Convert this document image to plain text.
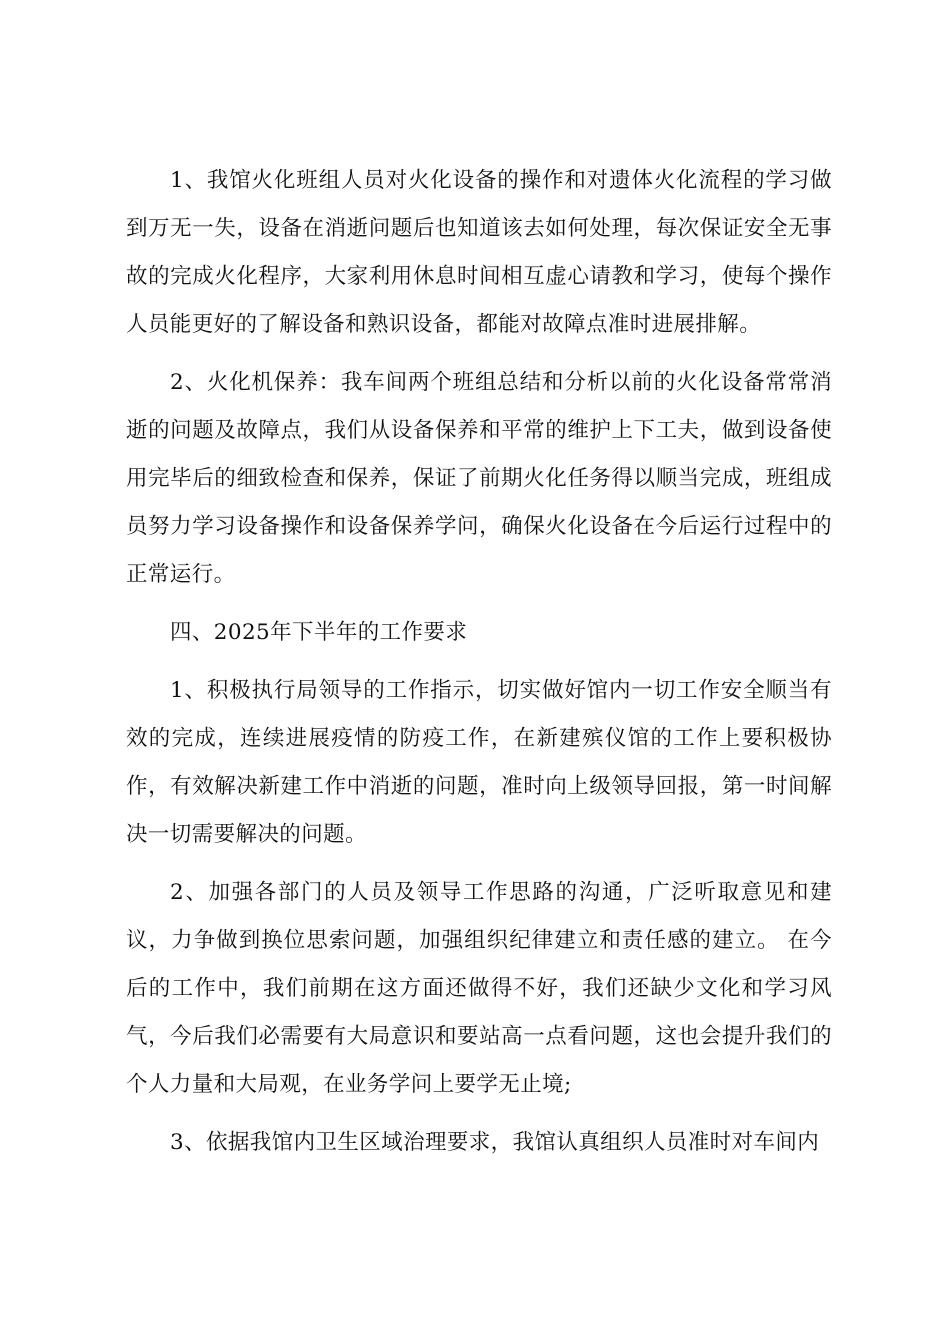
1、我馆火化班组人员对火化设备的操作和对遗体火化流程的学习做到万无一失，设备在消逝问题后也知道该去如何处理，每次保证安全无事故的完成火化程序，大家利用休息时间相互虚心请教和学习，使每个操作人员能更好的了解设备和熟识设备，都能对故障点准时进展排解。

2、火化机保养：我车间两个班组总结和分析以前的火化设备常常消逝的问题及故障点，我们从设备保养和平常的维护上下工夫，做到设备使用完毕后的细致检查和保养，保证了前期火化任务得以顺当完成，班组成员努力学习设备操作和设备保养学问，确保火化设备在今后运行过程中的正常运行。

四、2025年下半年的工作要求

1、积极执行局领导的工作指示，切实做好馆内一切工作安全顺当有效的完成，连续进展疫情的防疫工作，在新建殡仪馆的工作上要积极协作，有效解决新建工作中消逝的问题，准时向上级领导回报，第一时间解决一切需要解决的问题。

2、加强各部门的人员及领导工作思路的沟通，广泛听取意见和建议，力争做到换位思索问题，加强组织纪律建立和责任感的建立。 在今后的工作中，我们前期在这方面还做得不好，我们还缺少文化和学习风气，今后我们必需要有大局意识和要站高一点看问题，这也会提升我们的个人力量和大局观，在业务学问上要学无止境;

3、依据我馆内卫生区域治理要求，我馆认真组织人员准时对车间内
